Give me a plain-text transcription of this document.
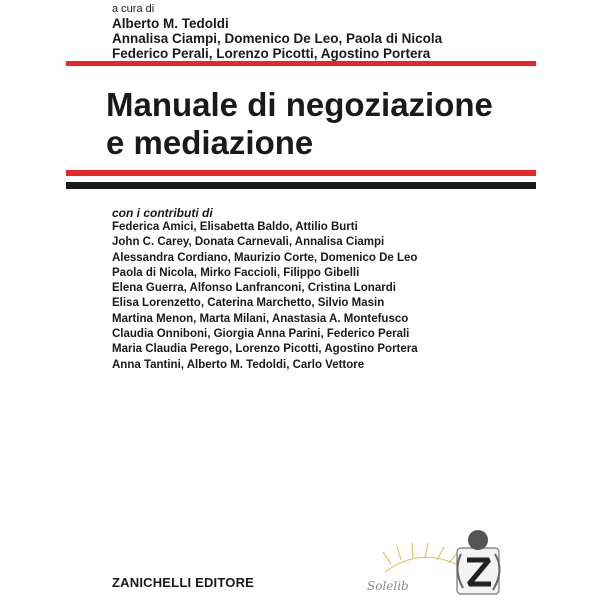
a cura di
Alberto M. Tedoldi
Annalisa Ciampi, Domenico De Leo, Paola di Nicola
Federico Perali, Lorenzo Picotti, Agostino Portera
Manuale di negoziazione
e mediazione
con i contributi di
Federica Amici, Elisabetta Baldo, Attilio Burti
John C. Carey, Donata Carnevali, Annalisa Ciampi
Alessandra Cordiano, Maurizio Corte, Domenico De Leo
Paola di Nicola, Mirko Faccioli, Filippo Gibelli
Elena Guerra, Alfonso Lanfranconi, Cristina Lonardi
Elisa Lorenzetto, Caterina Marchetto, Silvio Masin
Martina Menon, Marta Milani, Anastasia A. Montefusco
Claudia Onniboni, Giorgia Anna Parini, Federico Perali
Maria Claudia Perego, Lorenzo Picotti, Agostino Portera
Anna Tantini, Alberto M. Tedoldi, Carlo Vettore
ZANICHELLI EDITORE	Solelib
